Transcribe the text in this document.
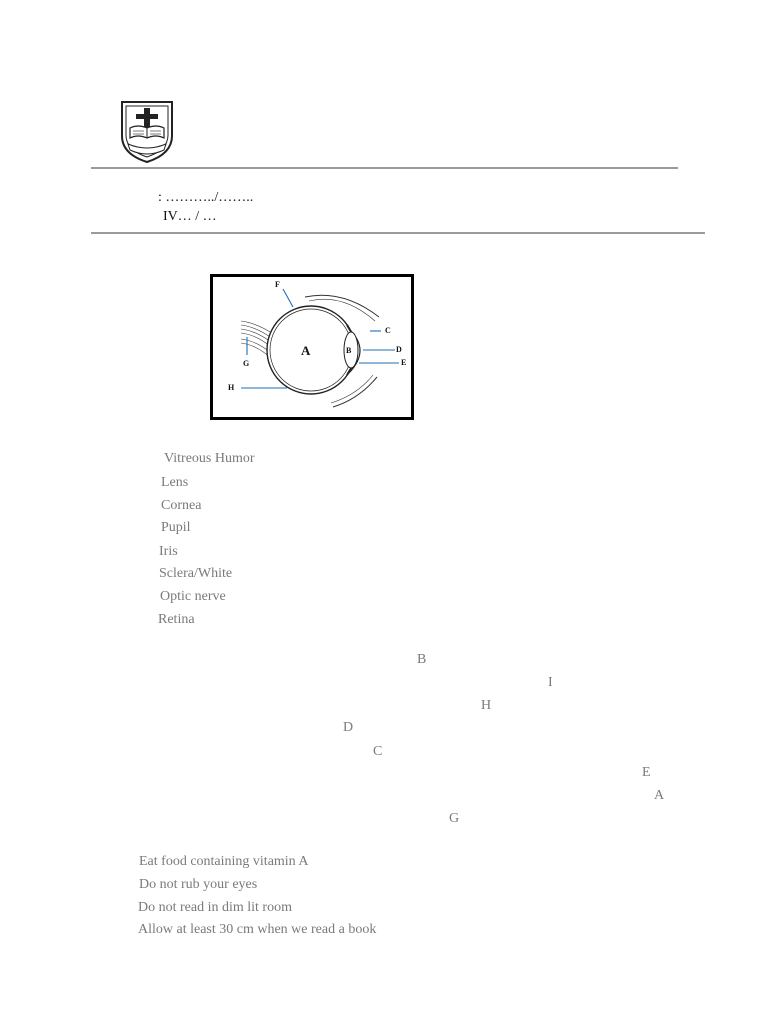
: ………../……..
IV… / …
F
C
D
E
G
H
B
A
Vitreous Humor
Lens
Cornea
Pupil
Iris
Sclera/White
Optic nerve
Retina
B
I
H
D
C
E
A
G
Eat food containing vitamin A
Do not rub your eyes
Do not read in dim lit room
Allow at least 30 cm when we read a book
